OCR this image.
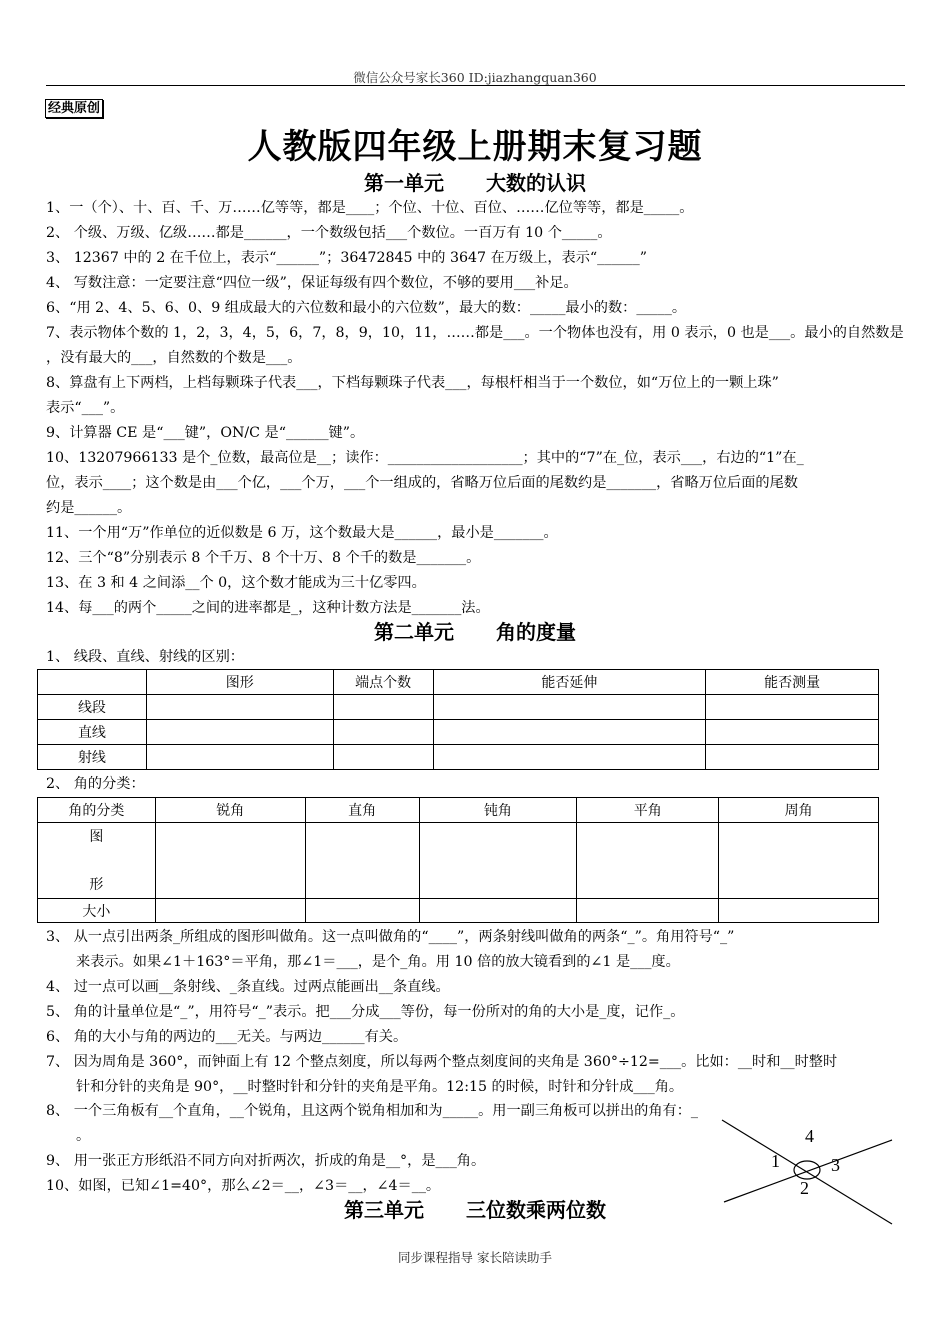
微信公众号家长360 ID:jiazhangquan360
经典原创
人教版四年级上册期末复习题
第一单元 大数的认识
1、一（个）、十、百、千、万……亿等等，都是____；个位、十位、百位、……亿位等等，都是_____。
2、 个级、万级、亿级……都是______，一个数级包括___个数位。一百万有 10 个_____。
3、 12367 中的 2 在千位上，表示“______”；36472845 中的 3647 在万级上，表示“______”
4、 写数注意：一定要注意“四位一级”，保证每级有四个数位，不够的要用___补足。
6、“用 2、4、5、6、0、9 组成最大的六位数和最小的六位数”，最大的数：_____最小的数：_____。
7、表示物体个数的 1，2，3，4，5，6，7，8，9，10，11，……都是___。一个物体也没有，用 0 表示，0 也是___。最小的自然数是
，没有最大的___，自然数的个数是___。
8、算盘有上下两档，上档每颗珠子代表___，下档每颗珠子代表___，每根杆相当于一个数位，如“万位上的一颗上珠”
表示“___”。
9、计算器 CE 是“___键”，ON/C 是“______键”。
10、13207966133 是个_位数，最高位是__；读作：___________________；其中的“7”在_位，表示___，右边的“1”在_
位，表示____；这个数是由___个亿，___个万，___个一组成的，省略万位后面的尾数约是_______，省略万位后面的尾数
约是______。
11、一个用“万”作单位的近似数是 6 万，这个数最大是______，最小是_______。
12、三个“8”分别表示 8 个千万、8 个十万、8 个千的数是_______。
13、在 3 和 4 之间添__个 0，这个数才能成为三十亿零四。
14、每___的两个_____之间的进率都是_，这种计数方法是_______法。
第二单元 角的度量
1、 线段、直线、射线的区别：
	图形	端点个数	能否延伸	能否测量
线段				
直线				
射线				
2、 角的分类：
角的分类	锐角	直角	钝角	平角	周角

图
形					

大小					
3、 从一点引出两条_所组成的图形叫做角。这一点叫做角的“____”，两条射线叫做角的两条“_”。角用符号“_”
来表示。如果∠1＋163°＝平角，那∠1＝___，是个_角。用 10 倍的放大镜看到的∠1 是___度。
4、 过一点可以画__条射线、_条直线。过两点能画出__条直线。
5、 角的计量单位是“_”，用符号“_”表示。把___分成___等份，每一份所对的角的大小是_度，记作_。
6、 角的大小与角的两边的___无关。与两边______有关。
7、 因为周角是 360°，而钟面上有 12 个整点刻度，所以每两个整点刻度间的夹角是 360°÷12=___。比如：__时和__时整时
针和分针的夹角是 90°，__时整时针和分针的夹角是平角。12:15 的时候，时针和分针成___角。
8、 一个三角板有__个直角，__个锐角，且这两个锐角相加和为_____。用一副三角板可以拼出的角有：_
。
9、 用一张正方形纸沿不同方向对折两次，折成的角是__°，是___角。
10、如图，已知∠1=40°，那么∠2＝__，∠3＝__，∠4＝__。
1
2
3
4
第三单元 三位数乘两位数
同步课程指导 家长陪读助手
